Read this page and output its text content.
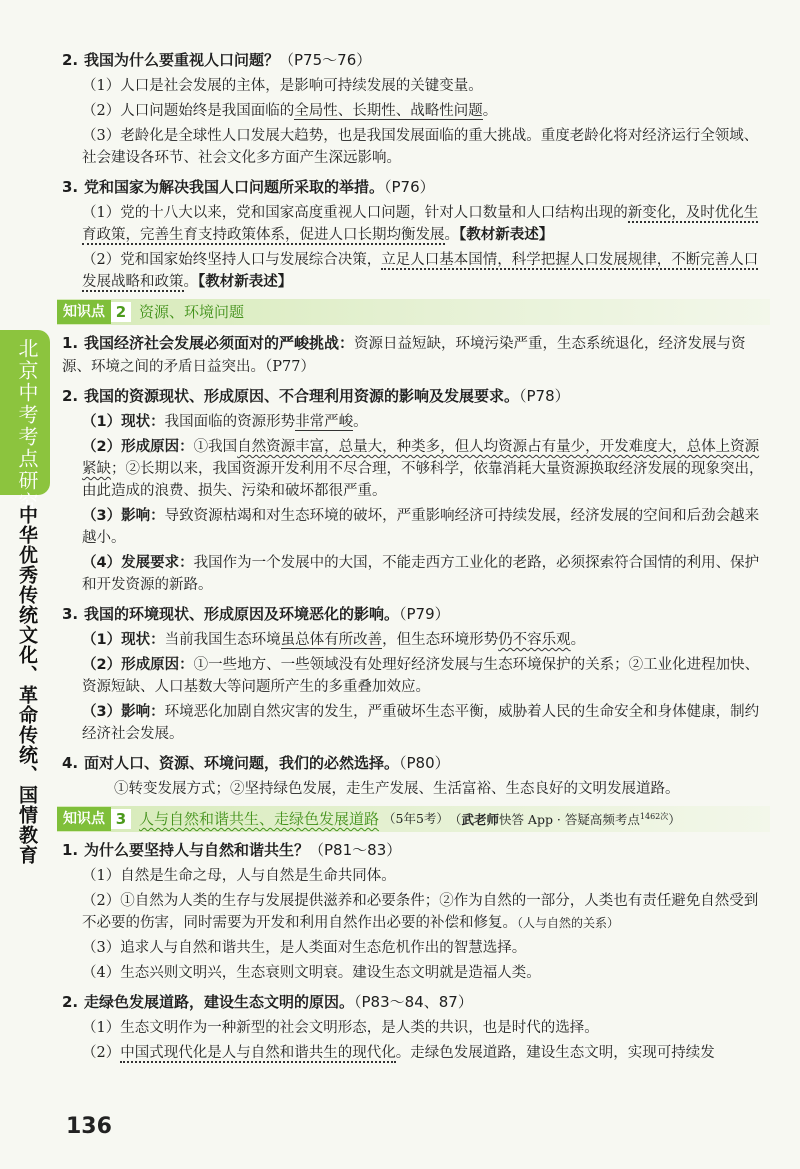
北京中考考点研究
中华优秀传统文化、革命传统、国情教育
2. 我国为什么要重视人口问题？（P75～76）
（1）人口是社会发展的主体，是影响可持续发展的关键变量。
（2）人口问题始终是我国面临的全局性、长期性、战略性问题。
（3）老龄化是全球性人口发展大趋势，也是我国发展面临的重大挑战。重度老龄化将对经济运行全领域、社会建设各环节、社会文化多方面产生深远影响。
3. 党和国家为解决我国人口问题所采取的举措。（P76）
（1）党的十八大以来，党和国家高度重视人口问题，针对人口数量和人口结构出现的新变化，及时优化生育政策，完善生育支持政策体系，促进人口长期均衡发展。【教材新表述】
（2）党和国家始终坚持人口与发展综合决策，立足人口基本国情，科学把握人口发展规律，不断完善人口发展战略和政策。【教材新表述】
知识点 2 资源、环境问题
1. 我国经济社会发展必须面对的严峻挑战：资源日益短缺，环境污染严重，生态系统退化，经济发展与资源、环境之间的矛盾日益突出。（P77）
2. 我国的资源现状、形成原因、不合理利用资源的影响及发展要求。（P78）
（1）现状：我国面临的资源形势非常严峻。
（2）形成原因：①我国自然资源丰富，总量大，种类多，但人均资源占有量少，开发难度大，总体上资源紧缺；②长期以来，我国资源开发利用不尽合理，不够科学，依靠消耗大量资源换取经济发展的现象突出，由此造成的浪费、损失、污染和破坏都很严重。
（3）影响：导致资源枯竭和对生态环境的破坏，严重影响经济可持续发展，经济发展的空间和后劲会越来越小。
（4）发展要求：我国作为一个发展中的大国，不能走西方工业化的老路，必须探索符合国情的利用、保护和开发资源的新路。
3. 我国的环境现状、形成原因及环境恶化的影响。（P79）
（1）现状：当前我国生态环境虽总体有所改善，但生态环境形势仍不容乐观。
（2）形成原因：①一些地方、一些领域没有处理好经济发展与生态环境保护的关系；②工业化进程加快、资源短缺、人口基数大等问题所产生的多重叠加效应。
（3）影响：环境恶化加剧自然灾害的发生，严重破坏生态平衡，威胁着人民的生命安全和身体健康，制约经济社会发展。
4. 面对人口、资源、环境问题，我们的必然选择。（P80）
①转变发展方式；②坚持绿色发展，走生产发展、生活富裕、生态良好的文明发展道路。
知识点 3 人与自然和谐共生、走绿色发展道路 （5年5考） （武老师快答 App · 答疑高频考点$^{1462次}$）
1. 为什么要坚持人与自然和谐共生？（P81～83）
（1）自然是生命之母，人与自然是生命共同体。
（2）①自然为人类的生存与发展提供滋养和必要条件；②作为自然的一部分，人类也有责任避免自然受到不必要的伤害，同时需要为开发和利用自然作出必要的补偿和修复。（人与自然的关系）
（3）追求人与自然和谐共生，是人类面对生态危机作出的智慧选择。
（4）生态兴则文明兴，生态衰则文明衰。建设生态文明就是造福人类。
2. 走绿色发展道路，建设生态文明的原因。（P83～84、87）
（1）生态文明作为一种新型的社会文明形态，是人类的共识，也是时代的选择。
（2）中国式现代化是人与自然和谐共生的现代化。走绿色发展道路，建设生态文明，实现可持续发
136
